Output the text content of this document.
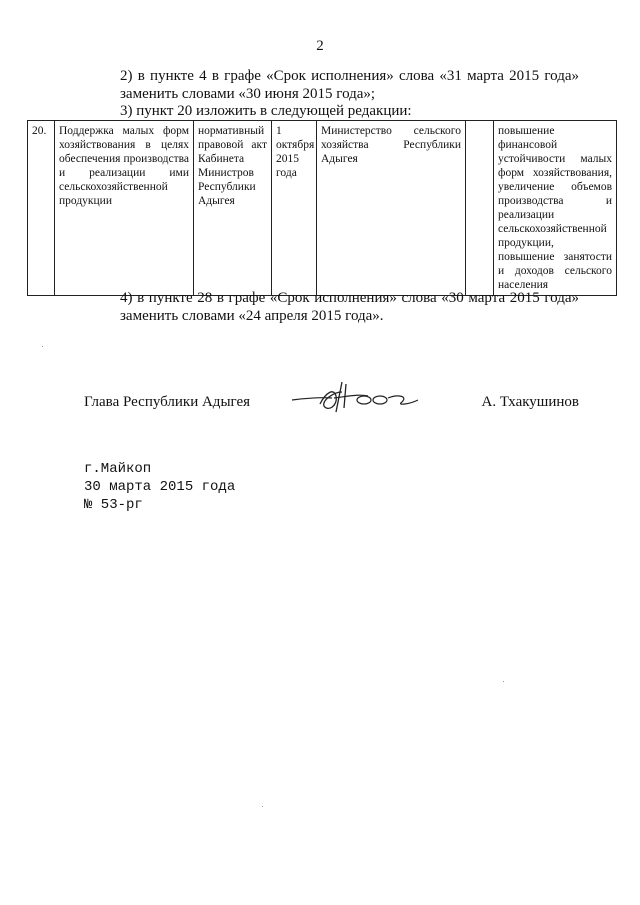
2
2) в пункте 4 в графе «Срок исполнения» слова «31 марта 2015 года» заменить словами «30 июня 2015 года»;
3) пункт 20 изложить в следующей редакции:
20.	Поддержка малых форм хозяйствования в целях обеспечения производства и реализации ими сельскохозяйственной продукции	нормативный правовой акт Кабинета Министров Республики Адыгея	1 октября 2015 года	Министерство сельского хозяйства Республики Адыгея		повышение финансовой устойчивости малых форм хозяйствования, увеличение объемов производства и реализации сельскохозяйственной продукции, повышение занятости и доходов сельского населения
4) в пункте 28 в графе «Срок исполнения» слова «30 марта 2015 года» заменить словами «24 апреля 2015 года».
Глава Республики Адыгея	А. Тхакушинов
г.Майкоп
30 марта 2015 года
№ 53-рг
